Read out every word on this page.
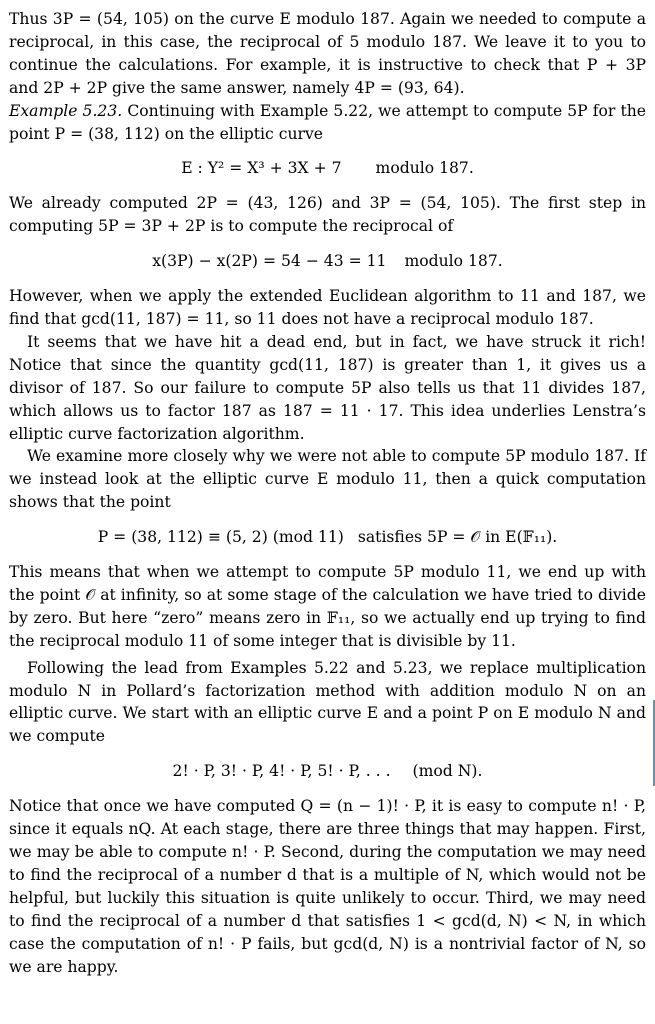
Thus 3P = (54, 105) on the curve E modulo 187. Again we needed to compute a reciprocal, in this case, the reciprocal of 5 modulo 187. We leave it to you to continue the calculations. For example, it is instructive to check that P + 3P and 2P + 2P give the same answer, namely 4P = (93, 64).

Example 5.23. Continuing with Example 5.22, we attempt to compute 5P for the point P = (38, 112) on the elliptic curve

E : Y² = X³ + 3X + 7 modulo 187.

We already computed 2P = (43, 126) and 3P = (54, 105). The first step in computing 5P = 3P + 2P is to compute the reciprocal of

x(3P) − x(2P) = 54 − 43 = 11 modulo 187.

However, when we apply the extended Euclidean algorithm to 11 and 187, we find that gcd(11, 187) = 11, so 11 does not have a reciprocal modulo 187.

It seems that we have hit a dead end, but in fact, we have struck it rich! Notice that since the quantity gcd(11, 187) is greater than 1, it gives us a divisor of 187. So our failure to compute 5P also tells us that 11 divides 187, which allows us to factor 187 as 187 = 11 · 17. This idea underlies Lenstra’s elliptic curve factorization algorithm.

We examine more closely why we were not able to compute 5P modulo 187. If we instead look at the elliptic curve E modulo 11, then a quick computation shows that the point

P = (38, 112) ≡ (5, 2) (mod 11) satisfies 5P = 𝒪 in E(𝔽₁₁).

This means that when we attempt to compute 5P modulo 11, we end up with the point 𝒪 at infinity, so at some stage of the calculation we have tried to divide by zero. But here “zero” means zero in 𝔽₁₁, so we actually end up trying to find the reciprocal modulo 11 of some integer that is divisible by 11.

Following the lead from Examples 5.22 and 5.23, we replace multiplication modulo N in Pollard’s factorization method with addition modulo N on an elliptic curve. We start with an elliptic curve E and a point P on E modulo N and we compute

2! · P, 3! · P, 4! · P, 5! · P, . . . (mod N).

Notice that once we have computed Q = (n − 1)! · P, it is easy to compute n! · P, since it equals nQ. At each stage, there are three things that may happen. First, we may be able to compute n! · P. Second, during the computation we may need to find the reciprocal of a number d that is a multiple of N, which would not be helpful, but luckily this situation is quite unlikely to occur. Third, we may need to find the reciprocal of a number d that satisfies 1 < gcd(d, N) < N, in which case the computation of n! · P fails, but gcd(d, N) is a nontrivial factor of N, so we are happy.
